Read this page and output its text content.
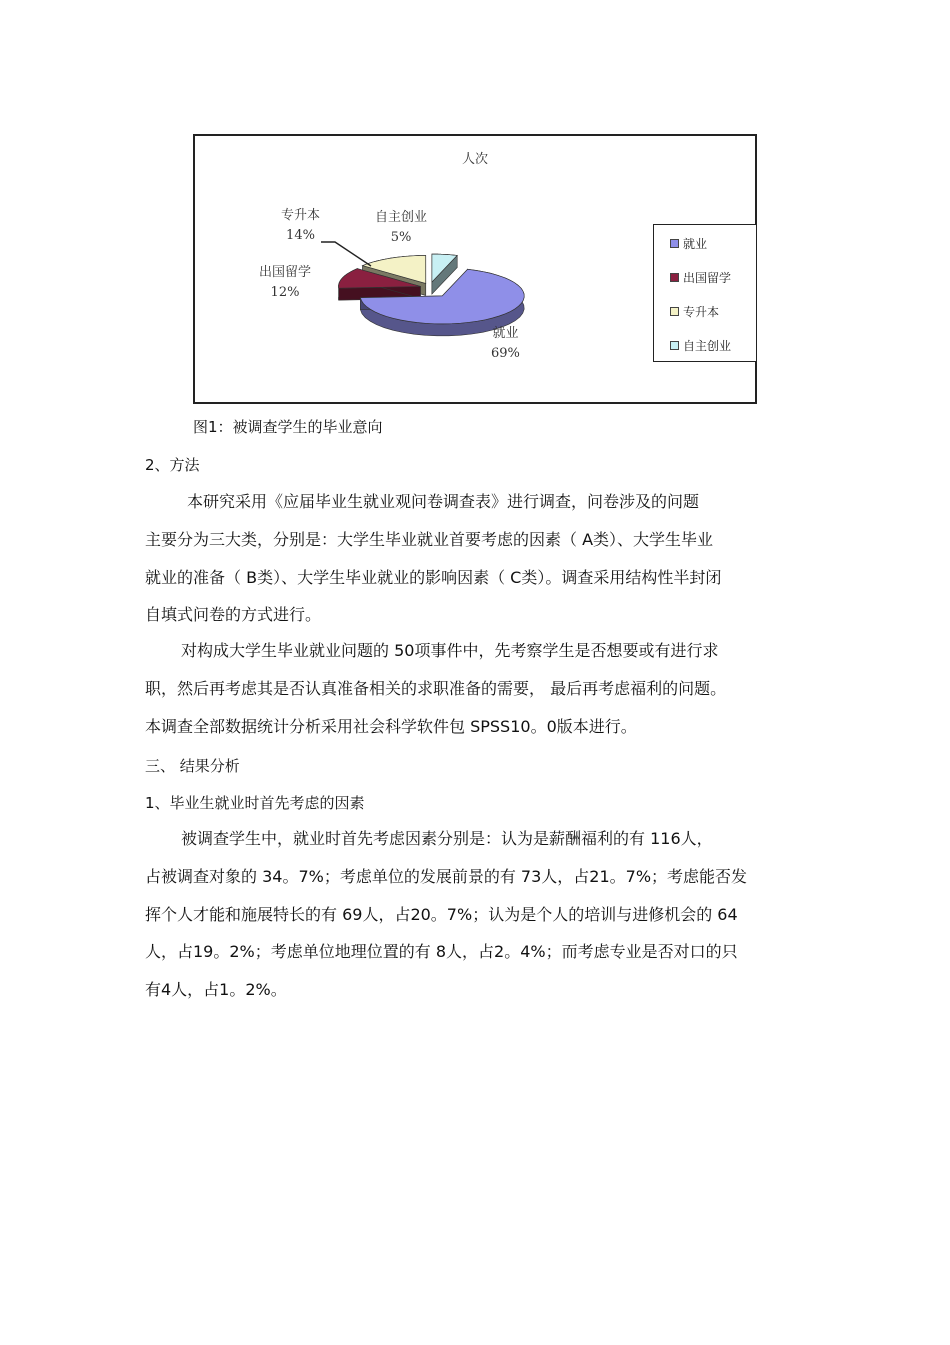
人次
专升本
14%
自主创业
5%
出国留学
12%
就业
69%
就业
出国留学
专升本
自主创业
图1：被调查学生的毕业意向
2、方法
本研究采用《应届毕业生就业观问卷调查表》进行调查，问卷涉及的问题
主要分为三大类，分别是：大学生毕业就业首要考虑的因素（ A类）、大学生毕业
就业的准备（ B类）、大学生毕业就业的影响因素（ C类）。调查采用结构性半封闭
自填式问卷的方式进行。
对构成大学生毕业就业问题的 50项事件中，先考察学生是否想要或有进行求
职，然后再考虑其是否认真准备相关的求职准备的需要， 最后再考虑福利的问题。
本调查全部数据统计分析采用社会科学软件包 SPSS10。0版本进行。
三、 结果分析
1、毕业生就业时首先考虑的因素
被调查学生中，就业时首先考虑因素分别是：认为是薪酬福利的有 116人，
占被调查对象的 34。7%；考虑单位的发展前景的有 73人，占21。7%；考虑能否发
挥个人才能和施展特长的有 69人，占20。7%；认为是个人的培训与进修机会的 64
人，占19。2%；考虑单位地理位置的有 8人，占2。4%；而考虑专业是否对口的只
有4人，占1。2%。
